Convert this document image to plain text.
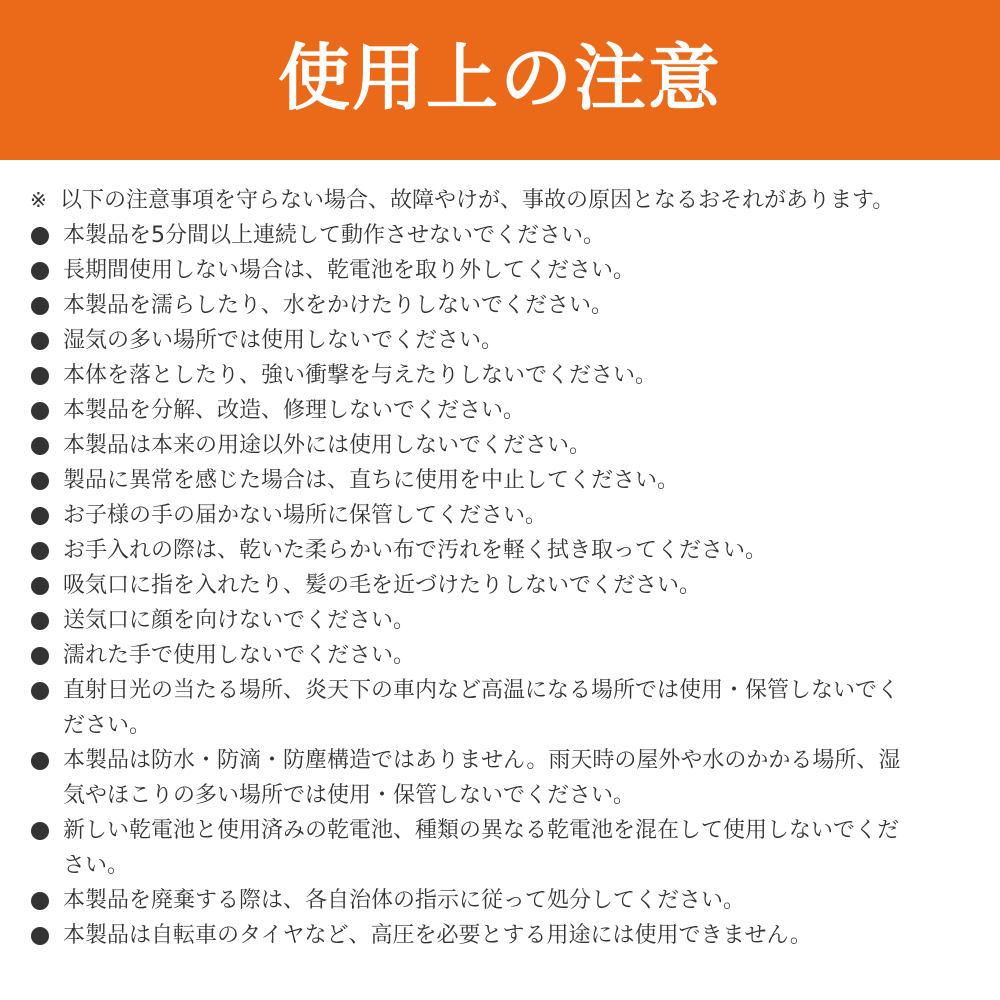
使用上の注意
※ 以下の注意事項を守らない場合、故障やけが、事故の原因となるおそれがあります。
本製品を5分間以上連続して動作させないでください。
長期間使用しない場合は、乾電池を取り外してください。
本製品を濡らしたり、水をかけたりしないでください。
湿気の多い場所では使用しないでください。
本体を落としたり、強い衝撃を与えたりしないでください。
本製品を分解、改造、修理しないでください。
本製品は本来の用途以外には使用しないでください。
製品に異常を感じた場合は、直ちに使用を中止してください。
お子様の手の届かない場所に保管してください。
お手入れの際は、乾いた柔らかい布で汚れを軽く拭き取ってください。
吸気口に指を入れたり、髪の毛を近づけたりしないでください。
送気口に顔を向けないでください。
濡れた手で使用しないでください。
直射日光の当たる場所、炎天下の車内など高温になる場所では使用・保管しないでく
ださい。
本製品は防水・防滴・防塵構造ではありません。雨天時の屋外や水のかかる場所、湿
気やほこりの多い場所では使用・保管しないでください。
新しい乾電池と使用済みの乾電池、種類の異なる乾電池を混在して使用しないでくだ
さい。
本製品を廃棄する際は、各自治体の指示に従って処分してください。
本製品は自転車のタイヤなど、高圧を必要とする用途には使用できません。
